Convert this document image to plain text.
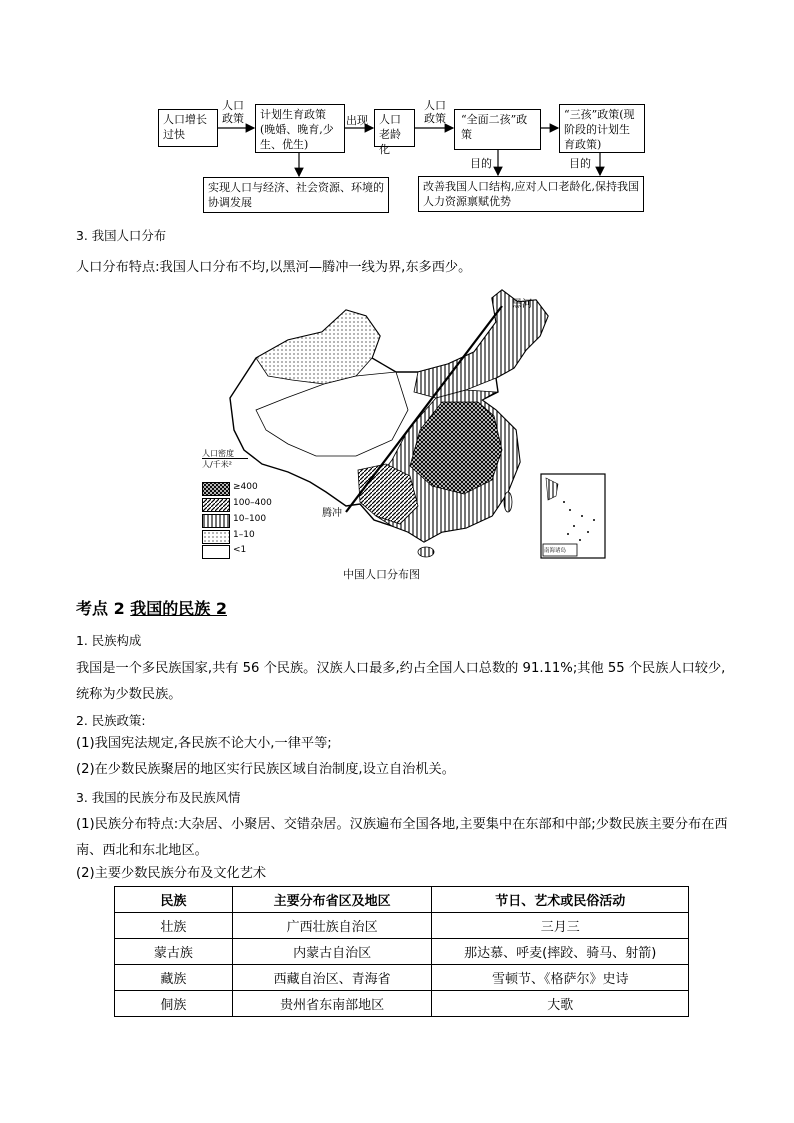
人口增长过快
人口政策	计划生育政策(晚婚、晚育,少生、优生)
出现	人口老龄化
人口政策	“全面二孩”政策
“三孩”政策(现阶段的计划生育政策)
目的	目的
实现人口与经济、社会资源、环境的协调发展
改善我国人口结构,应对人口老龄化,保持我国人力资源禀赋优势
3. 我国人口分布
人口分布特点:我国人口分布不均,以黑河—腾冲一线为界,东多西少。
黑河
腾冲
南海诸岛
人口密度
人/千米²
≥400
100–400
10–100
1–10
<1
中国人口分布图
考点 2 我国的民族 2
1. 民族构成
我国是一个多民族国家,共有 56 个民族。汉族人口最多,约占全国人口总数的 91.11%;其他 55 个民族人口较少,统称为少数民族。
2. 民族政策:
(1)我国宪法规定,各民族不论大小,一律平等;
(2)在少数民族聚居的地区实行民族区域自治制度,设立自治机关。
3. 我国的民族分布及民族风情
(1)民族分布特点:大杂居、小聚居、交错杂居。汉族遍布全国各地,主要集中在东部和中部;少数民族主要分布在西南、西北和东北地区。
(2)主要少数民族分布及文化艺术
民族	主要分布省区及地区	节日、艺术或民俗活动
壮族	广西壮族自治区	三月三
蒙古族	内蒙古自治区	那达慕、呼麦(摔跤、骑马、射箭)
藏族	西藏自治区、青海省	雪顿节、《格萨尔》史诗
侗族	贵州省东南部地区	大歌
